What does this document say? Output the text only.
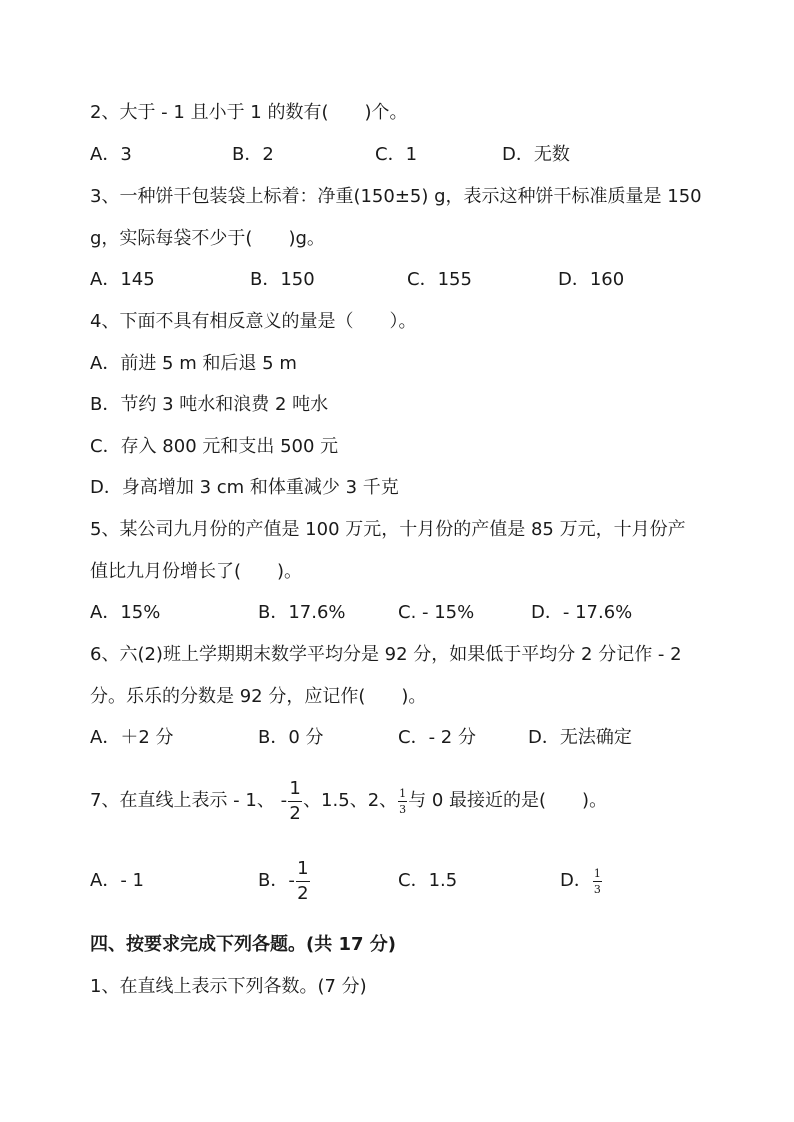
2、大于 - 1 且小于 1 的数有(　　)个。
A．3	B．2	C．1	D．无数
3、一种饼干包装袋上标着：净重(150±5) g，表示这种饼干标准质量是 150
g，实际每袋不少于(　　)g。
A．145	B．150	C．155	D．160
4、下面不具有相反意义的量是（　　）。
A．前进 5 m 和后退 5 m
B．节约 3 吨水和浪费 2 吨水
C．存入 800 元和支出 500 元
D．身高增加 3 cm 和体重减少 3 千克
5、某公司九月份的产值是 100 万元，十月份的产值是 85 万元，十月份产
值比九月份增长了(　　)。
A．15%	B．17.6%	C. - 15%	D．- 17.6%
6、六(2)班上学期期末数学平均分是 92 分，如果低于平均分 2 分记作 - 2
分。乐乐的分数是 92 分，应记作(　　)。
A．＋2 分	B．0 分	C．- 2 分	D．无法确定
7、在直线上表示 - 1、 - $\frac{1}{2}$ 、1.5、2、 $\frac{1}{3}$ 与 0 最接近的是(　　)。
A．- 1	B．- $\frac{1}{2}$	C．1.5	D． $\frac{1}{3}$
四、按要求完成下列各题。(共 17 分)
1、在直线上表示下列各数。(7 分)
